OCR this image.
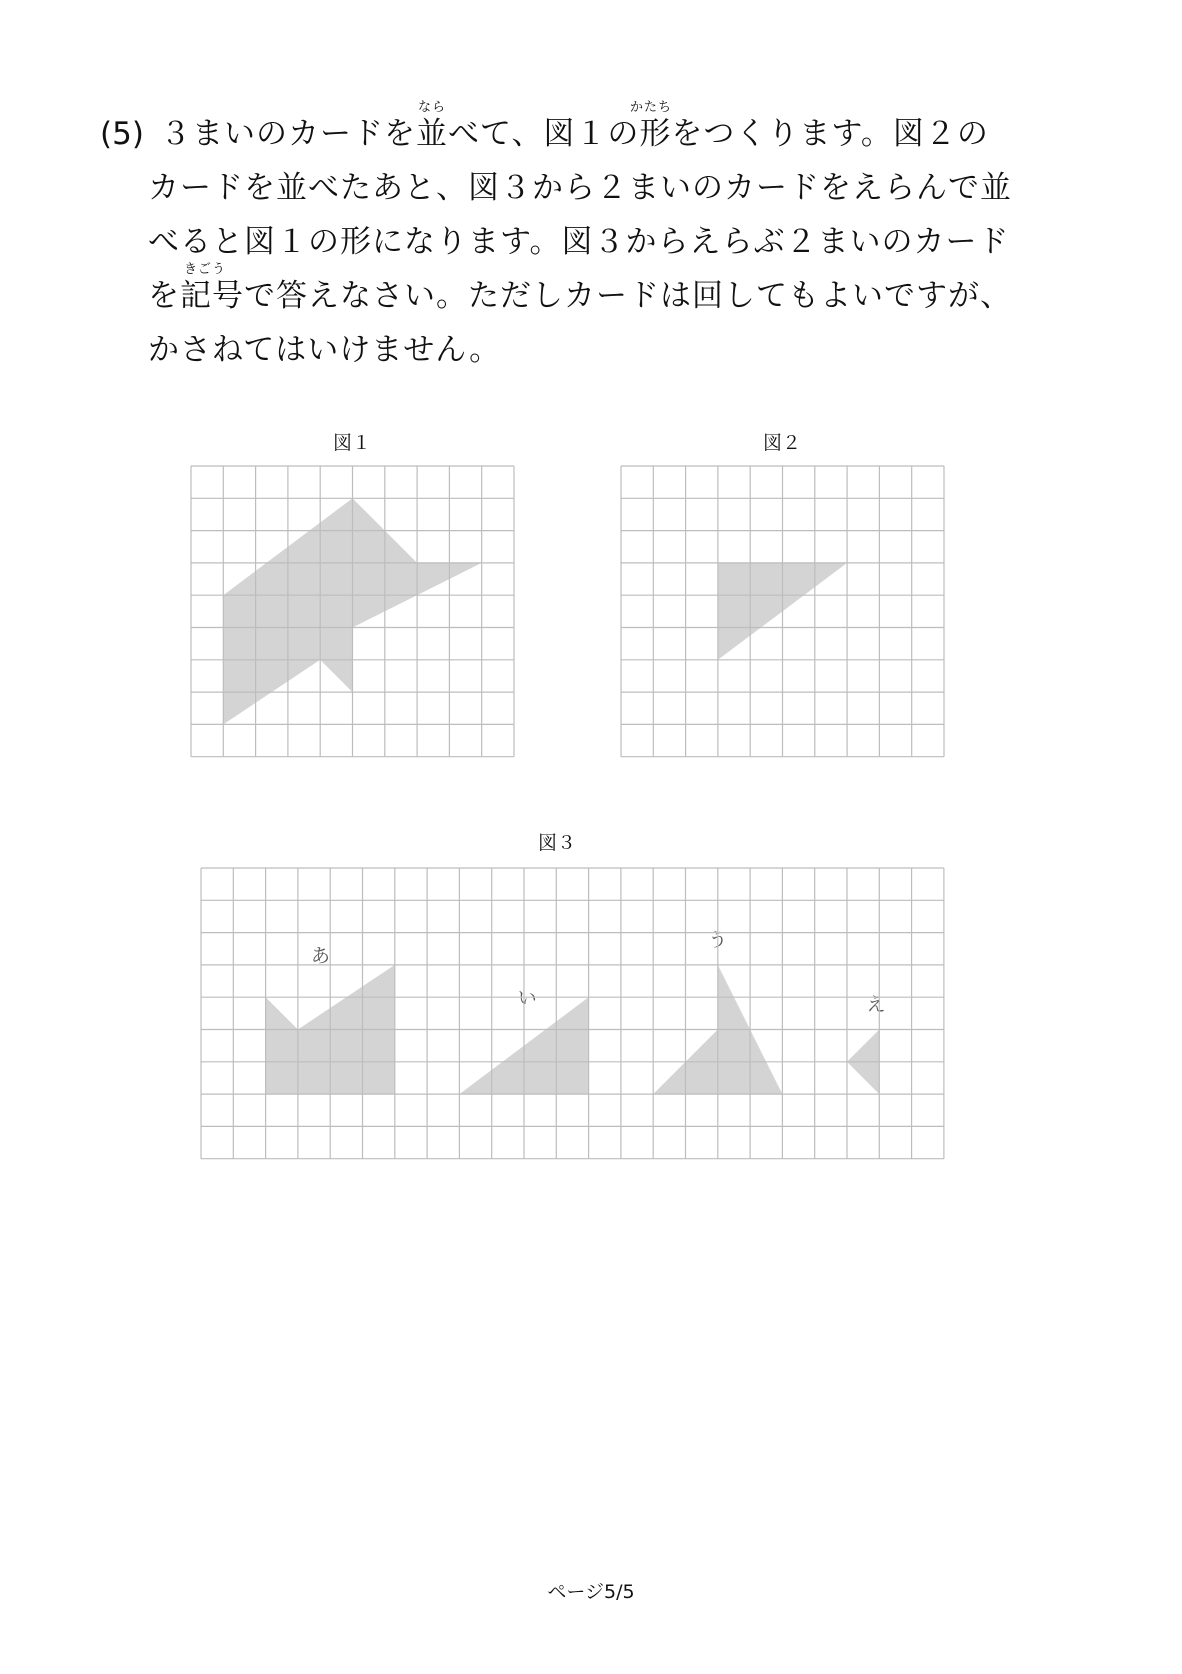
(5)
なら	かたち
３まいのカードを並べて、図１の形をつくります。図２の
カードを並べたあと、図３から２まいのカードをえらんで並
べると図１の形になります。図３からえらぶ２まいのカード
きごう
を記号で答えなさい。ただしカードは回してもよいですが、
かさねてはいけません。
図１	図２
図３
あ
い
う
え
ページ5/5
